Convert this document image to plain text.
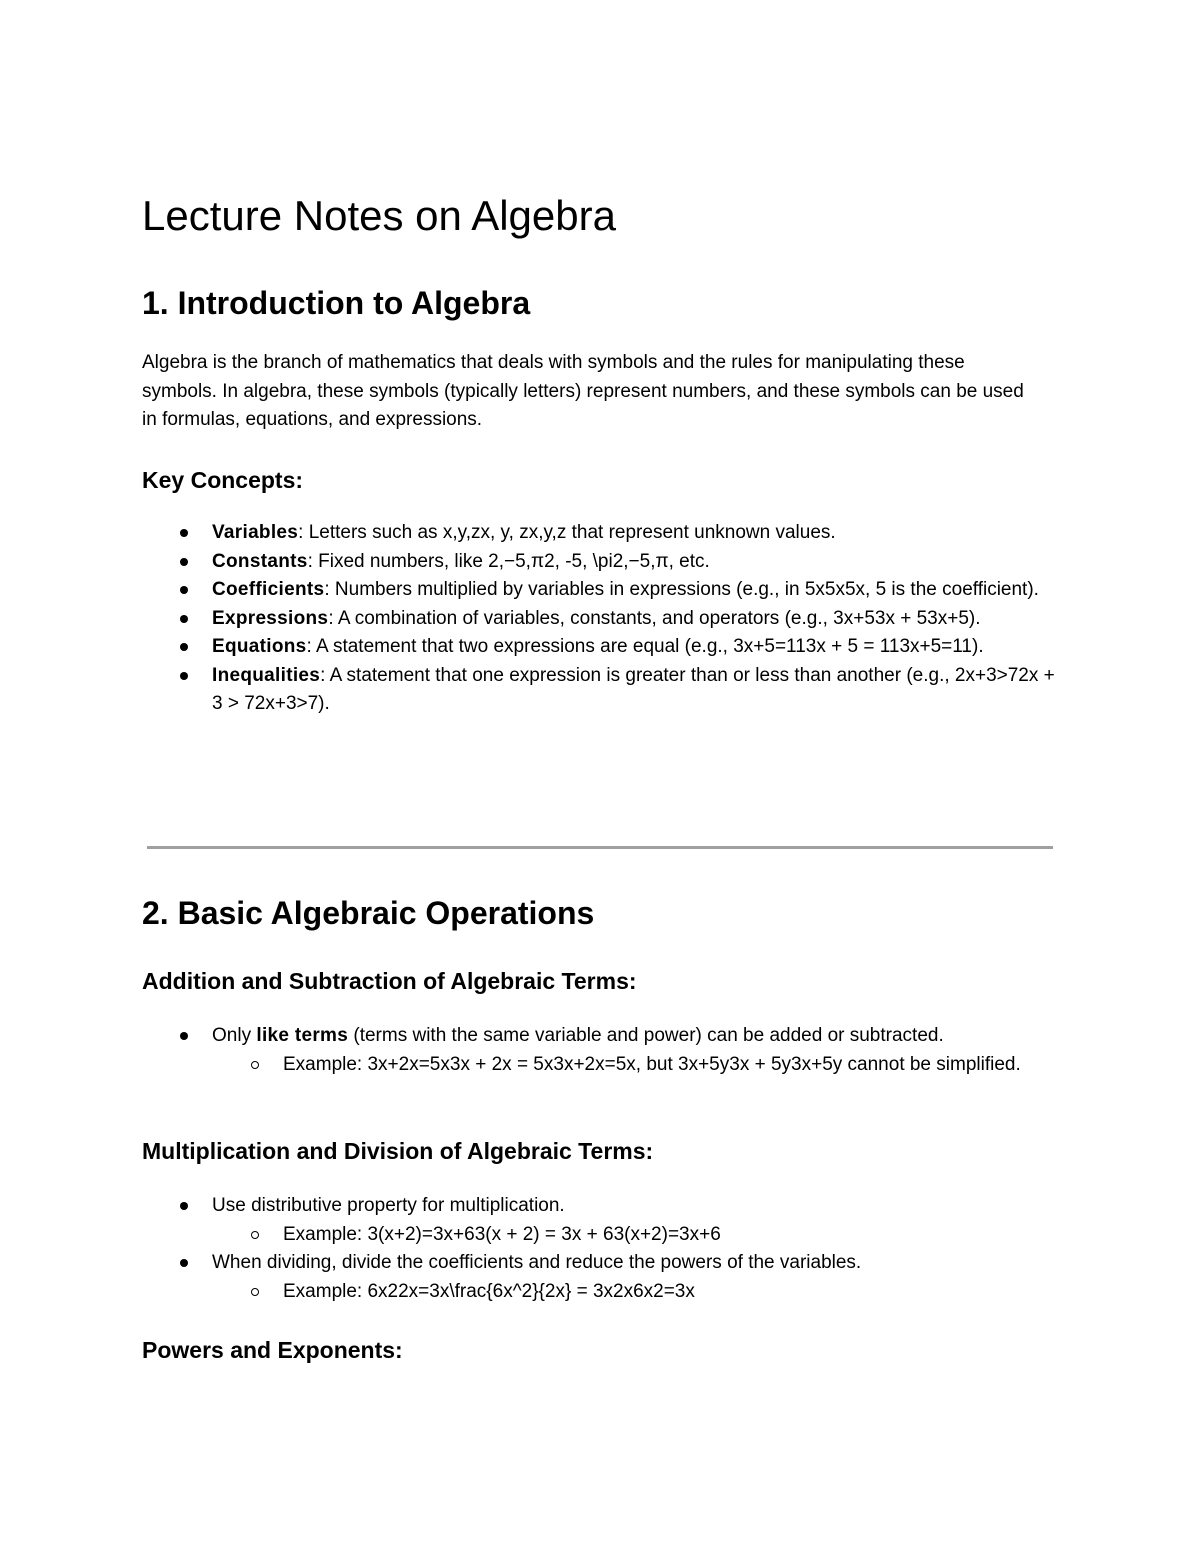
Lecture Notes on Algebra
1. Introduction to Algebra

Algebra is the branch of mathematics that deals with symbols and the rules for manipulating these symbols. In algebra, these symbols (typically letters) represent numbers, and these symbols can be used in formulas, equations, and expressions.

Key Concepts:
Variables: Letters such as x,y,zx, y, zx,y,z that represent unknown values.
Constants: Fixed numbers, like 2,−5,π2, -5, \pi2,−5,π, etc.
Coefficients: Numbers multiplied by variables in expressions (e.g., in 5x5x5x, 5 is the coefficient).
Expressions: A combination of variables, constants, and operators (e.g., 3x+53x + 53x+5).
Equations: A statement that two expressions are equal (e.g., 3x+5=113x + 5 = 113x+5=11).
Inequalities: A statement that one expression is greater than or less than another (e.g., 2x+3>72x + 3 > 72x+3>7).
2. Basic Algebraic Operations
Addition and Subtraction of Algebraic Terms:
Only like terms (terms with the same variable and power) can be added or subtracted.
Example: 3x+2x=5x3x + 2x = 5x3x+2x=5x, but 3x+5y3x + 5y3x+5y cannot be simplified.
Multiplication and Division of Algebraic Terms:
Use distributive property for multiplication.
Example: 3(x+2)=3x+63(x + 2) = 3x + 63(x+2)=3x+6
When dividing, divide the coefficients and reduce the powers of the variables.
Example: 6x22x=3x\frac{6x^2}{2x} = 3x2x6x2=3x
Powers and Exponents:
